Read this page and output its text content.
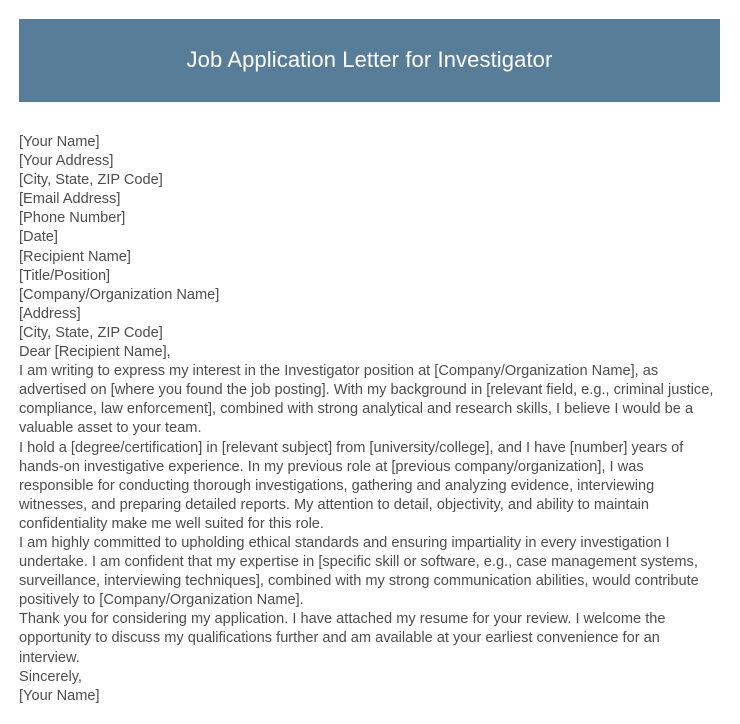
Job Application Letter for Investigator
[Your Name]
[Your Address]
[City, State, ZIP Code]
[Email Address]
[Phone Number]
[Date]
[Recipient Name]
[Title/Position]
[Company/Organization Name]
[Address]
[City, State, ZIP Code]
Dear [Recipient Name],

I am writing to express my interest in the Investigator position at [Company/Organization Name], as advertised on [where you found the job posting]. With my background in [relevant field, e.g., criminal justice, compliance, law enforcement], combined with strong analytical and research skills, I believe I would be a valuable asset to your team.

I hold a [degree/certification] in [relevant subject] from [university/college], and I have [number] years of hands-on investigative experience. In my previous role at [previous company/organization], I was responsible for conducting thorough investigations, gathering and analyzing evidence, interviewing witnesses, and preparing detailed reports. My attention to detail, objectivity, and ability to maintain confidentiality make me well suited for this role.

I am highly committed to upholding ethical standards and ensuring impartiality in every investigation I undertake. I am confident that my expertise in [specific skill or software, e.g., case management systems, surveillance, interviewing techniques], combined with my strong communication abilities, would contribute positively to [Company/Organization Name].

Thank you for considering my application. I have attached my resume for your review. I welcome the opportunity to discuss my qualifications further and am available at your earliest convenience for an interview.

Sincerely,
[Your Name]
